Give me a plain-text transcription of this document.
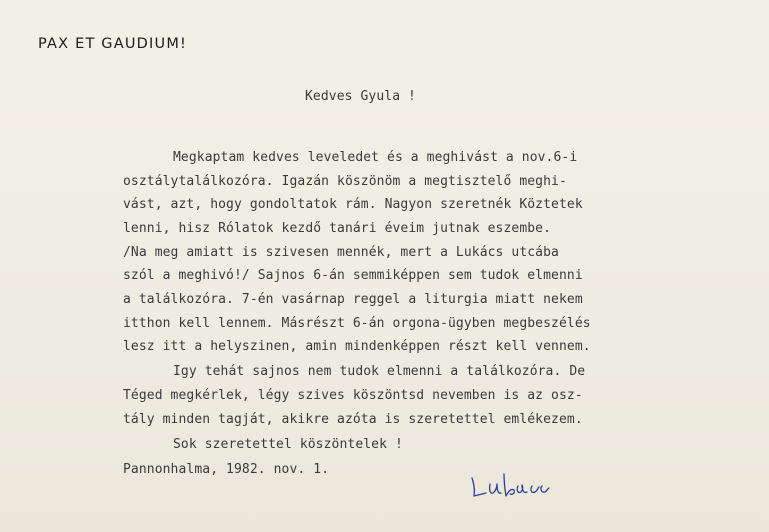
PAX ET GAUDIUM!
Kedves Gyula !
Megkaptam kedves leveledet és a meghivást a nov.6-i
osztálytalálkozóra. Igazán köszönöm a megtisztelő meghi-
vást, azt, hogy gondoltatok rám. Nagyon szeretnék Köztetek
lenni, hisz Rólatok kezdő tanári éveim jutnak eszembe.
/Na meg amiatt is szivesen mennék, mert a Lukács utcába
szól a meghivó!/ Sajnos 6-án semmiképpen sem tudok elmenni
a találkozóra. 7-én vasárnap reggel a liturgia miatt nekem
itthon kell lennem. Másrészt 6-án orgona-ügyben megbeszélés
lesz itt a helyszinen, amin mindenképpen részt kell vennem.
Igy tehát sajnos nem tudok elmenni a találkozóra. De
Téged megkérlek, légy szives köszöntsd nevemben is az osz-
tály minden tagját, akikre azóta is szeretettel emlékezem.
Sok szeretettel köszöntelek !
Pannonhalma, 1982. nov. 1.
